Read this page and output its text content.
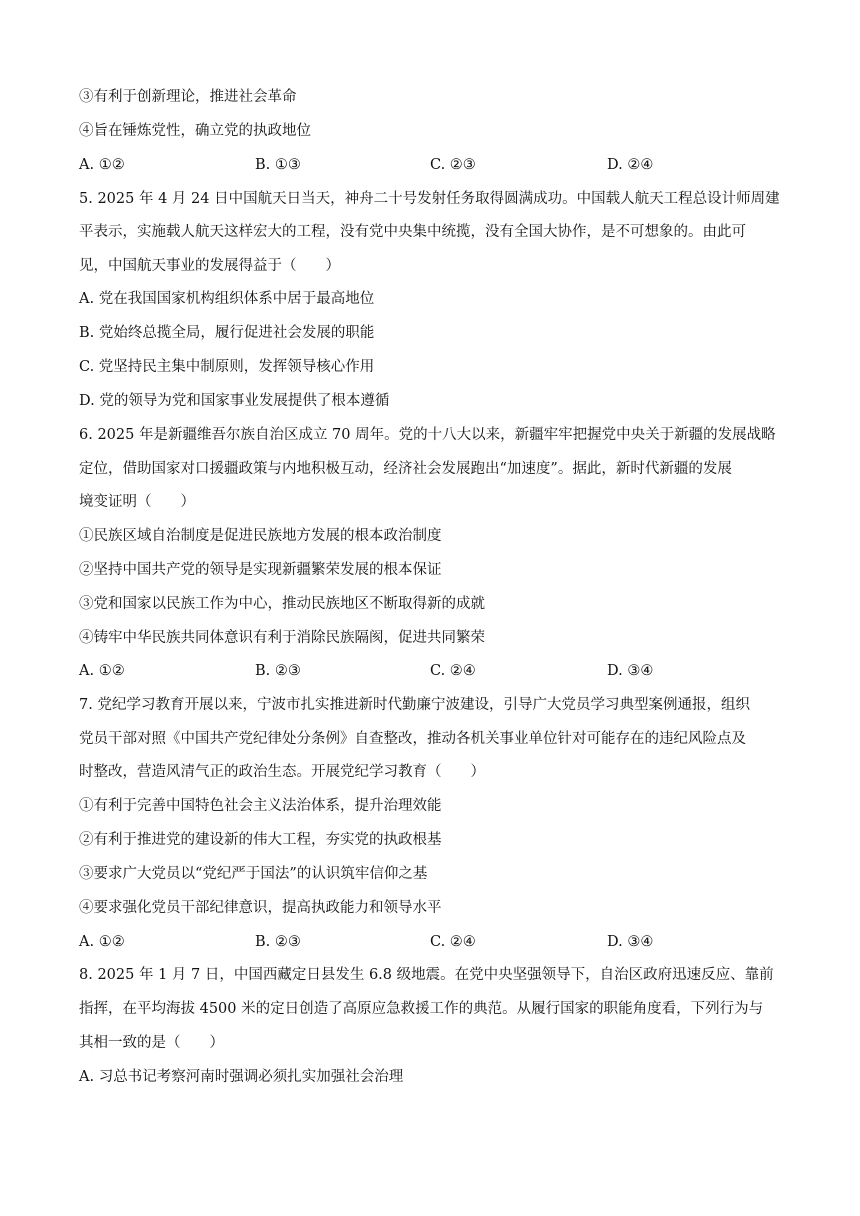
③有利于创新理论，推进社会革命
④旨在锤炼党性，确立党的执政地位
A. ①②	B. ①③	C. ②③	D. ②④
5. 2025 年 4 月 24 日中国航天日当天，神舟二十号发射任务取得圆满成功。中国载人航天工程总设计师周建
平表示，实施载人航天这样宏大的工程，没有党中央集中统揽，没有全国大协作，是不可想象的。由此可
见，中国航天事业的发展得益于（　　）
A. 党在我国国家机构组织体系中居于最高地位
B. 党始终总揽全局，履行促进社会发展的职能
C. 党坚持民主集中制原则，发挥领导核心作用
D. 党的领导为党和国家事业发展提供了根本遵循
6. 2025 年是新疆维吾尔族自治区成立 70 周年。党的十八大以来，新疆牢牢把握党中央关于新疆的发展战略
定位，借助国家对口援疆政策与内地积极互动，经济社会发展跑出“加速度”。据此，新时代新疆的发展
境变证明（　　）
①民族区域自治制度是促进民族地方发展的根本政治制度
②坚持中国共产党的领导是实现新疆繁荣发展的根本保证
③党和国家以民族工作为中心，推动民族地区不断取得新的成就
④铸牢中华民族共同体意识有利于消除民族隔阂，促进共同繁荣
A. ①②	B. ②③	C. ②④	D. ③④
7. 党纪学习教育开展以来，宁波市扎实推进新时代勤廉宁波建设，引导广大党员学习典型案例通报，组织
党员干部对照《中国共产党纪律处分条例》自查整改，推动各机关事业单位针对可能存在的违纪风险点及
时整改，营造风清气正的政治生态。开展党纪学习教育（　　）
①有利于完善中国特色社会主义法治体系，提升治理效能
②有利于推进党的建设新的伟大工程，夯实党的执政根基
③要求广大党员以“党纪严于国法”的认识筑牢信仰之基
④要求强化党员干部纪律意识，提高执政能力和领导水平
A. ①②	B. ②③	C. ②④	D. ③④
8. 2025 年 1 月 7 日，中国西藏定日县发生 6.8 级地震。在党中央坚强领导下，自治区政府迅速反应、靠前
指挥，在平均海拔 4500 米的定日创造了高原应急救援工作的典范。从履行国家的职能角度看，下列行为与
其相一致的是（　　）
A. 习总书记考察河南时强调必须扎实加强社会治理
